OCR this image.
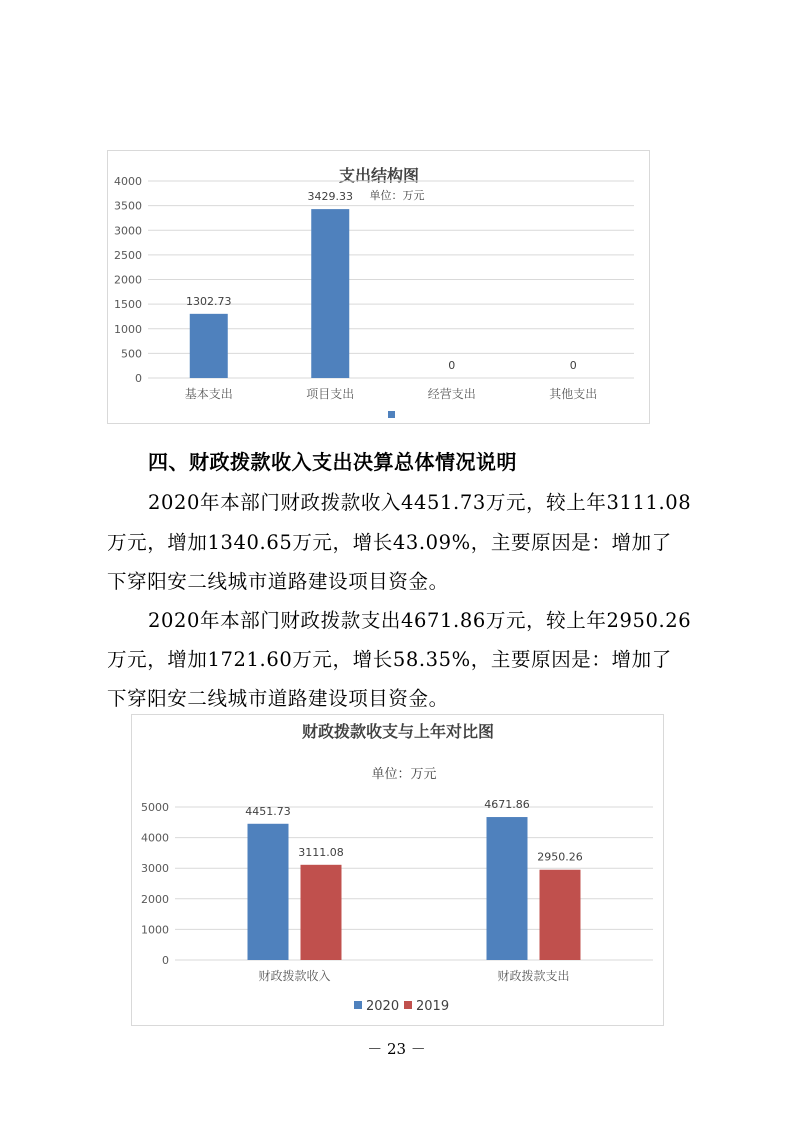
支出结构图
单位：万元
0
500
1000
1500
2000
2500
3000
3500
4000
基本支出
1302.73
项目支出
3429.33
经营支出
0
其他支出
0
四、财政拨款收入支出决算总体情况说明
2020年本部门财政拨款收入4451.73万元，较上年3111.08
万元，增加1340.65万元，增长43.09%，主要原因是：增加了
下穿阳安二线城市道路建设项目资金。
2020年本部门财政拨款支出4671.86万元，较上年2950.26
万元，增加1721.60万元，增长58.35%，主要原因是：增加了
下穿阳安二线城市道路建设项目资金。
财政拨款收支与上年对比图
单位：万元
0
1000
2000
3000
4000
5000
财政拨款收入
4451.73
3111.08
财政拨款支出
4671.86
2950.26
2020 2019
－ 23 －
